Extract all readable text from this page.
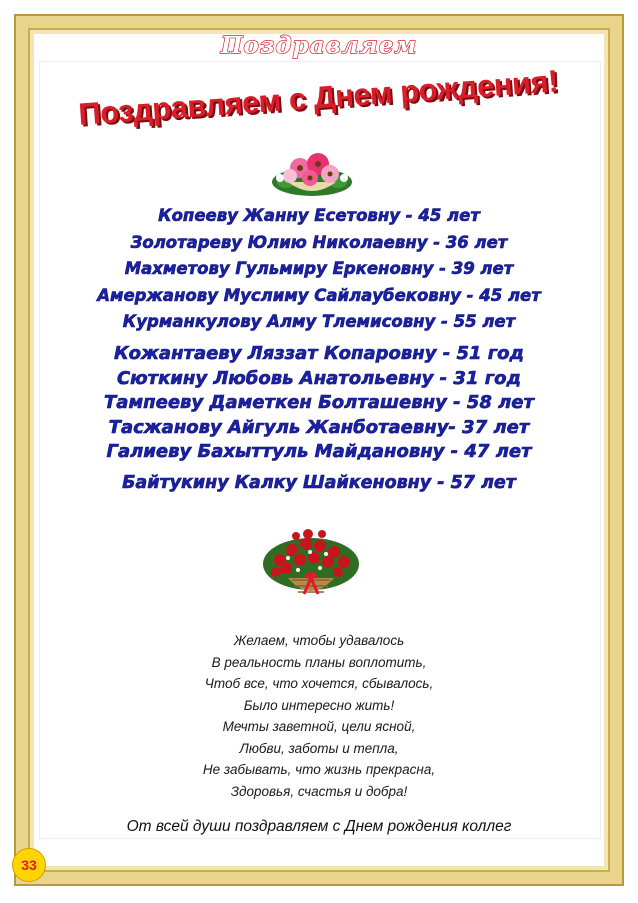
Поздравляем
Поздравляем с Днем рождения!
Копееву Жанну Есетовну - 45 лет
Золотареву Юлию Николаевну - 36 лет
Махметову Гульмиру Еркеновну - 39 лет
Амержанову Муслиму Сайлаубековну - 45 лет
Курманкулову Алму Тлемисовну - 55 лет
Кожантаеву Ляззат Копаровну - 51 год
Сюткину Любовь Анатольевну - 31 год
Тампееву Даметкен Болташевну - 58 лет
Тасжанову Айгуль Жанботаевну- 37 лет
Галиеву Бахыттуль Майдановну - 47 лет
Байтукину Калку Шайкеновну - 57 лет
Желаем, чтобы удавалось
В реальность планы воплотить,
Чтоб все, что хочется, сбывалось,
Было интересно жить!
Мечты заветной, цели ясной,
Любви, заботы и тепла,
Не забывать, что жизнь прекрасна,
Здоровья, счастья и добра!
От всей души поздравляем с Днем рождения коллег
33
